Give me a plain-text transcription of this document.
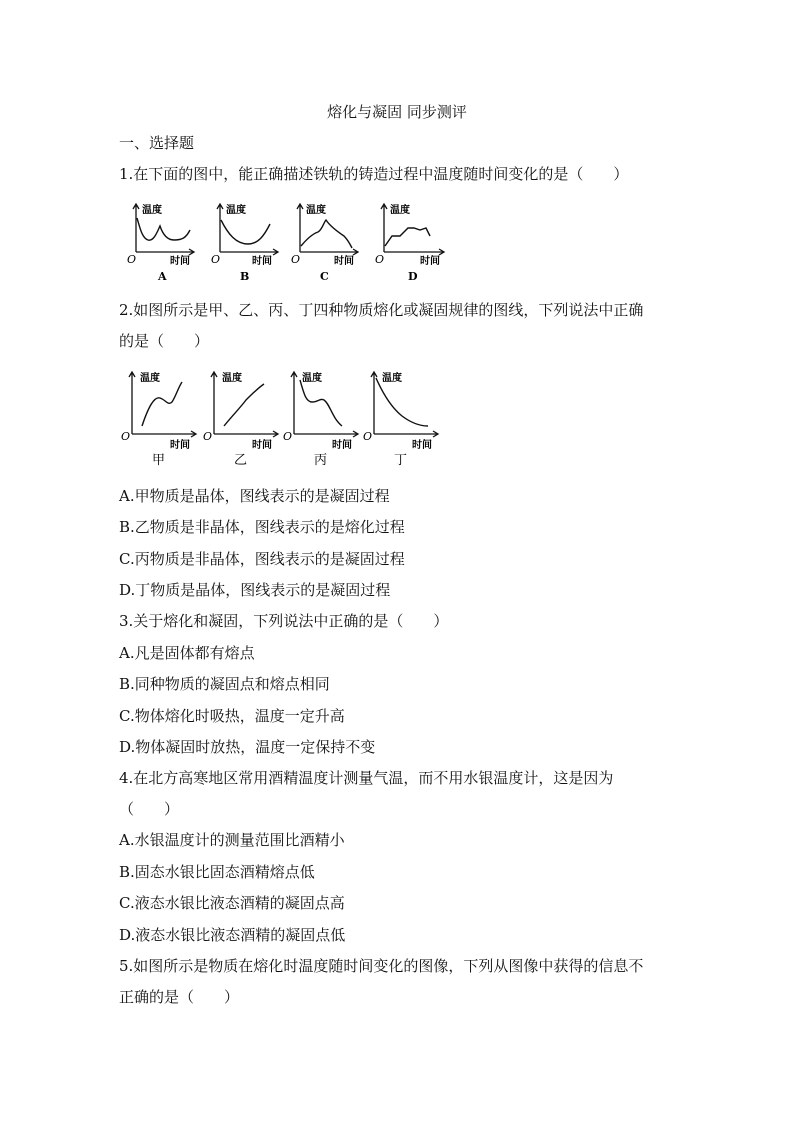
熔化与凝固 同步测评
一、选择题
1.在下面的图中，能正确描述铁轨的铸造过程中温度随时间变化的是（　　）
温度
时间
O
A
温度
时间
O
B
温度
时间
O
C
温度
时间
O
D
2.如图所示是甲、乙、丙、丁四种物质熔化或凝固规律的图线，下列说法中正确
的是（　　）
温度
时间
O
甲
温度
时间
O
乙
温度
时间
O
丙
温度
时间
O
丁
A.甲物质是晶体，图线表示的是凝固过程
B.乙物质是非晶体，图线表示的是熔化过程
C.丙物质是非晶体，图线表示的是凝固过程
D.丁物质是晶体，图线表示的是凝固过程
3.关于熔化和凝固，下列说法中正确的是（　　）
A.凡是固体都有熔点
B.同种物质的凝固点和熔点相同
C.物体熔化时吸热，温度一定升高
D.物体凝固时放热，温度一定保持不变
4.在北方高寒地区常用酒精温度计测量气温，而不用水银温度计，这是因为
（　　）
A.水银温度计的测量范围比酒精小
B.固态水银比固态酒精熔点低
C.液态水银比液态酒精的凝固点高
D.液态水银比液态酒精的凝固点低
5.如图所示是物质在熔化时温度随时间变化的图像，下列从图像中获得的信息不
正确的是（　　）
